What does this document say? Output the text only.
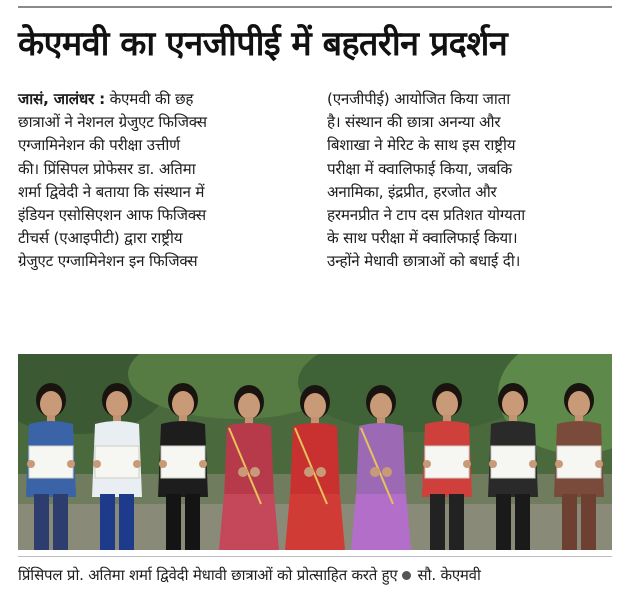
केएमवी का एनजीपीई में बहतरीन प्रदर्शन
जासं, जालंधर : केएमवी की छह
छात्राओं ने नेशनल ग्रेजुएट फिजिक्स
एग्जामिनेशन की परीक्षा उत्तीर्ण
की। प्रिंसिपल प्रोफेसर डा. अतिमा
शर्मा द्विवेदी ने बताया कि संस्थान में
इंडियन एसोसिएशन आफ फिजिक्स
टीचर्स (एआइपीटी) द्वारा राष्ट्रीय
ग्रेजुएट एग्जामिनेशन इन फिजिक्स
(एनजीपीई) आयोजित किया जाता
है। संस्थान की छात्रा अनन्या और
बिशाखा ने मेरिट के साथ इस राष्ट्रीय
परीक्षा में क्वालिफाई किया, जबकि
अनामिका, इंद्रप्रीत, हरजोत और
हरमनप्रीत ने टाप दस प्रतिशत योग्यता
के साथ परीक्षा में क्वालिफाई किया।
उन्होंने मेधावी छात्राओं को बधाई दी।
प्रिंसिपल प्रो. अतिमा शर्मा द्विवेदी मेधावी छात्राओं को प्रोत्साहित करते हुए सौ. केएमवी
